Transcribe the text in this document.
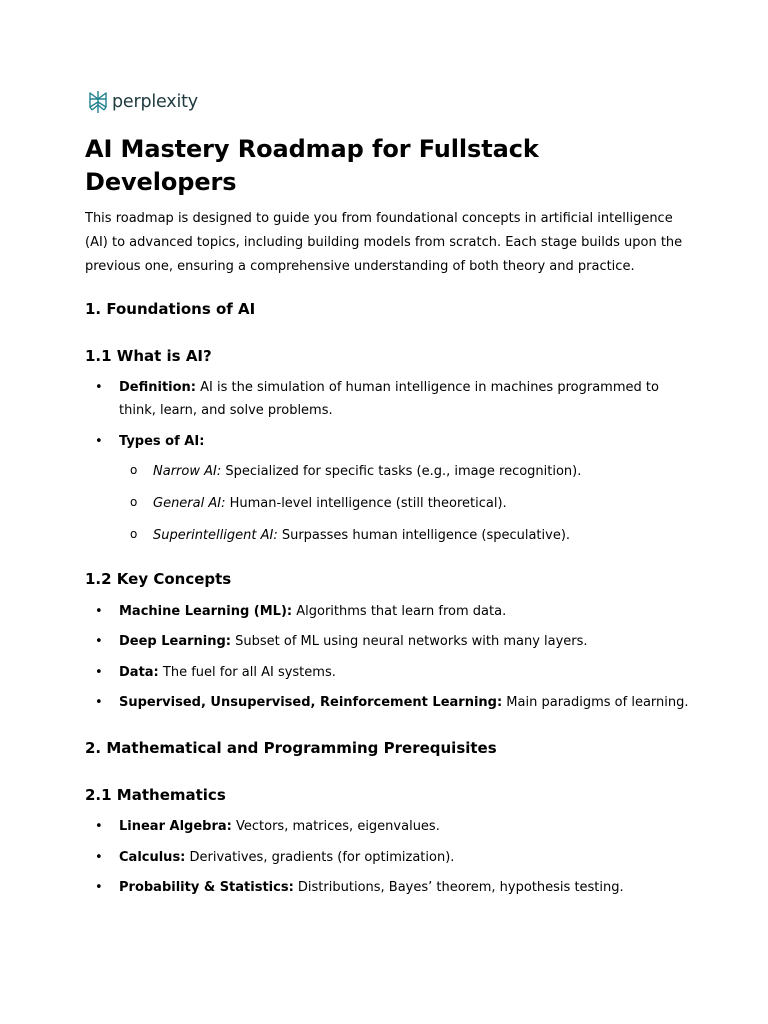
perplexity
AI Mastery Roadmap for Fullstack Developers

This roadmap is designed to guide you from foundational concepts in artificial intelligence (AI) to advanced topics, including building models from scratch. Each stage builds upon the previous one, ensuring a comprehensive understanding of both theory and practice.

1. Foundations of AI
1.1 What is AI?
• Definition: AI is the simulation of human intelligence in machines programmed to think, learn, and solve problems.
• Types of AI:
o Narrow AI: Specialized for specific tasks (e.g., image recognition).
o General AI: Human-level intelligence (still theoretical).
o Superintelligent AI: Surpasses human intelligence (speculative).
1.2 Key Concepts
• Machine Learning (ML): Algorithms that learn from data.
• Deep Learning: Subset of ML using neural networks with many layers.
• Data: The fuel for all AI systems.
• Supervised, Unsupervised, Reinforcement Learning: Main paradigms of learning.
2. Mathematical and Programming Prerequisites
2.1 Mathematics
• Linear Algebra: Vectors, matrices, eigenvalues.
• Calculus: Derivatives, gradients (for optimization).
• Probability & Statistics: Distributions, Bayes’ theorem, hypothesis testing.
